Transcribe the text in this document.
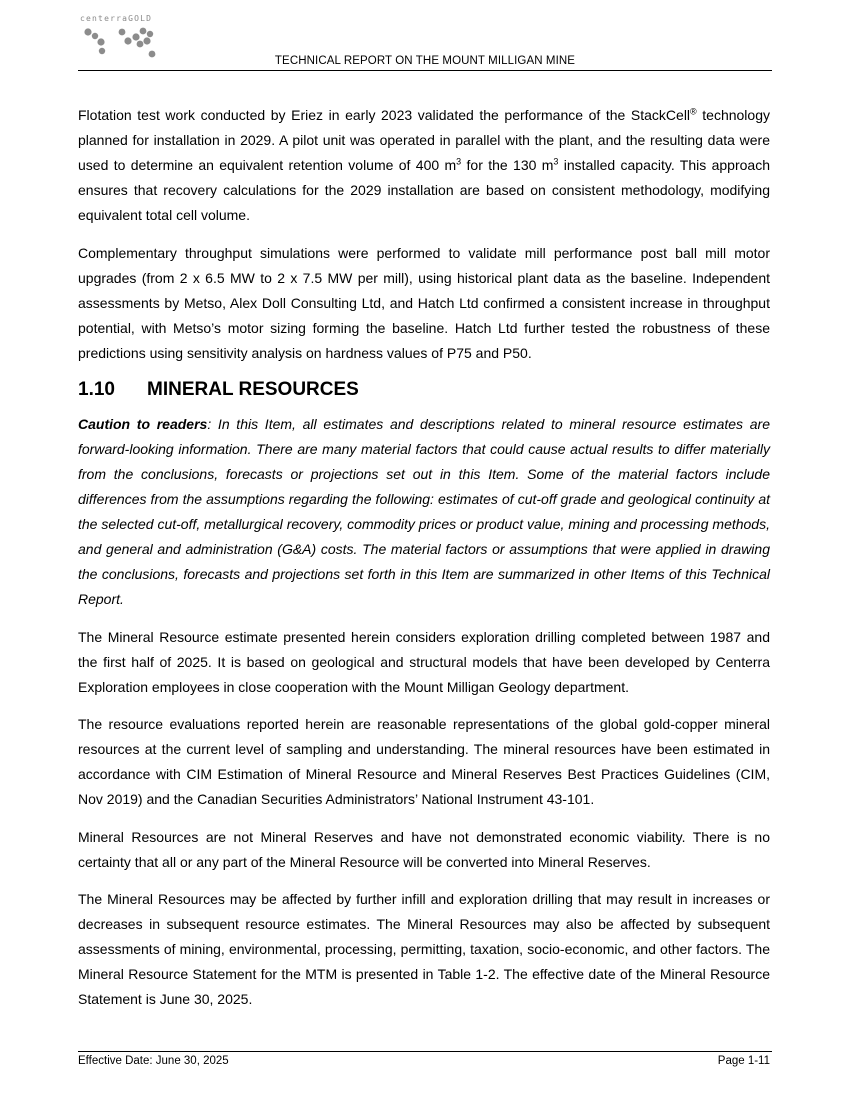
centerraGOLD
TECHNICAL REPORT ON THE MOUNT MILLIGAN MINE

Flotation test work conducted by Eriez in early 2023 validated the performance of the StackCell® technology planned for installation in 2029. A pilot unit was operated in parallel with the plant, and the resulting data were used to determine an equivalent retention volume of 400 $m^3$ for the 130 $m^3$ installed capacity. This approach ensures that recovery calculations for the 2029 installation are based on consistent methodology, modifying equivalent total cell volume.

Complementary throughput simulations were performed to validate mill performance post ball mill motor upgrades (from 2 x 6.5 MW to 2 x 7.5 MW per mill), using historical plant data as the baseline. Independent assessments by Metso, Alex Doll Consulting Ltd, and Hatch Ltd confirmed a consistent increase in throughput potential, with Metso’s motor sizing forming the baseline. Hatch Ltd further tested the robustness of these predictions using sensitivity analysis on hardness values of P75 and P50.

1.10 MINERAL RESOURCES

Caution to readers: In this Item, all estimates and descriptions related to mineral resource estimates are forward-looking information. There are many material factors that could cause actual results to differ materially from the conclusions, forecasts or projections set out in this Item. Some of the material factors include differences from the assumptions regarding the following: estimates of cut-off grade and geological continuity at the selected cut-off, metallurgical recovery, commodity prices or product value, mining and processing methods, and general and administration (G&A) costs. The material factors or assumptions that were applied in drawing the conclusions, forecasts and projections set forth in this Item are summarized in other Items of this Technical Report.

The Mineral Resource estimate presented herein considers exploration drilling completed between 1987 and the first half of 2025. It is based on geological and structural models that have been developed by Centerra Exploration employees in close cooperation with the Mount Milligan Geology department.

The resource evaluations reported herein are reasonable representations of the global gold-copper mineral resources at the current level of sampling and understanding. The mineral resources have been estimated in accordance with CIM Estimation of Mineral Resource and Mineral Reserves Best Practices Guidelines (CIM, Nov 2019) and the Canadian Securities Administrators’ National Instrument 43-101.

Mineral Resources are not Mineral Reserves and have not demonstrated economic viability. There is no certainty that all or any part of the Mineral Resource will be converted into Mineral Reserves.

The Mineral Resources may be affected by further infill and exploration drilling that may result in increases or decreases in subsequent resource estimates. The Mineral Resources may also be affected by subsequent assessments of mining, environmental, processing, permitting, taxation, socio-economic, and other factors. The Mineral Resource Statement for the MTM is presented in Table 1-2. The effective date of the Mineral Resource Statement is June 30, 2025.

Effective Date: June 30, 2025	Page 1-11
